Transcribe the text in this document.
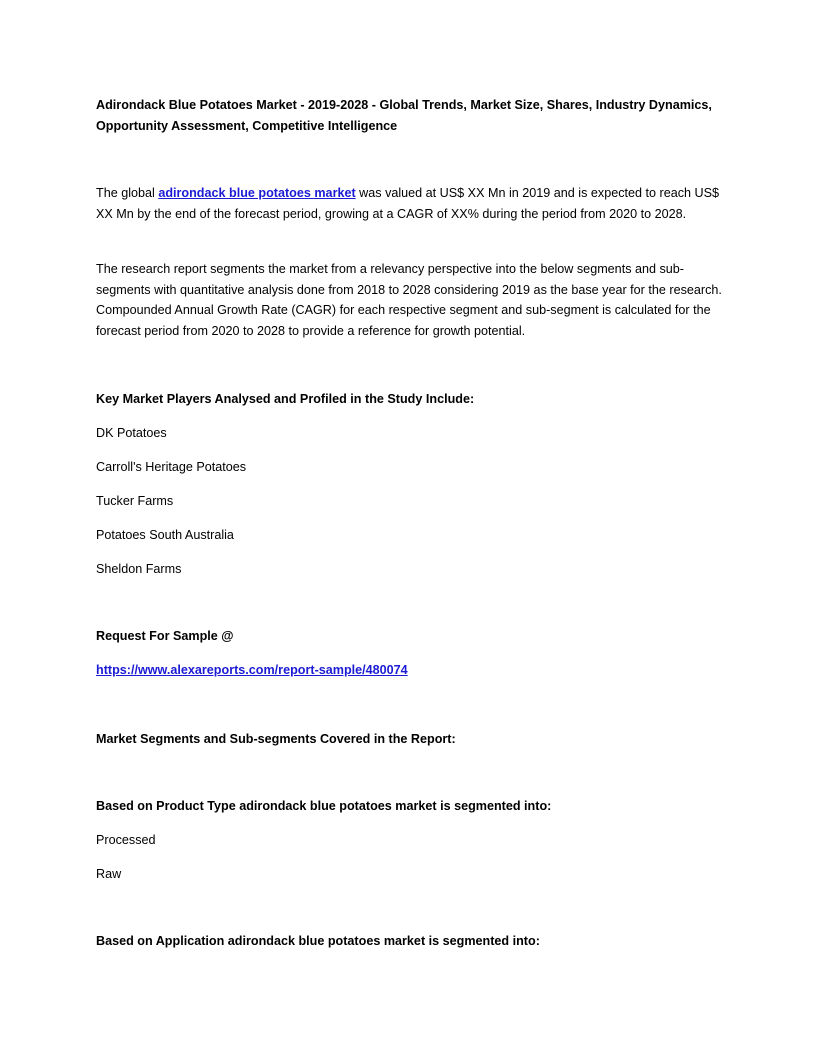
Adirondack Blue Potatoes Market - 2019-2028 - Global Trends, Market Size, Shares, Industry Dynamics, Opportunity Assessment, Competitive Intelligence
The global adirondack blue potatoes market was valued at US$ XX Mn in 2019 and is expected to reach US$ XX Mn by the end of the forecast period, growing at a CAGR of XX% during the period from 2020 to 2028.
The research report segments the market from a relevancy perspective into the below segments and sub-segments with quantitative analysis done from 2018 to 2028 considering 2019 as the base year for the research. Compounded Annual Growth Rate (CAGR) for each respective segment and sub-segment is calculated for the forecast period from 2020 to 2028 to provide a reference for growth potential.
Key Market Players Analysed and Profiled in the Study Include:
DK Potatoes
Carroll's Heritage Potatoes
Tucker Farms
Potatoes South Australia
Sheldon Farms
Request For Sample @
https://www.alexareports.com/report-sample/480074
Market Segments and Sub-segments Covered in the Report:
Based on Product Type adirondack blue potatoes market is segmented into:
Processed
Raw
Based on Application adirondack blue potatoes market is segmented into:
